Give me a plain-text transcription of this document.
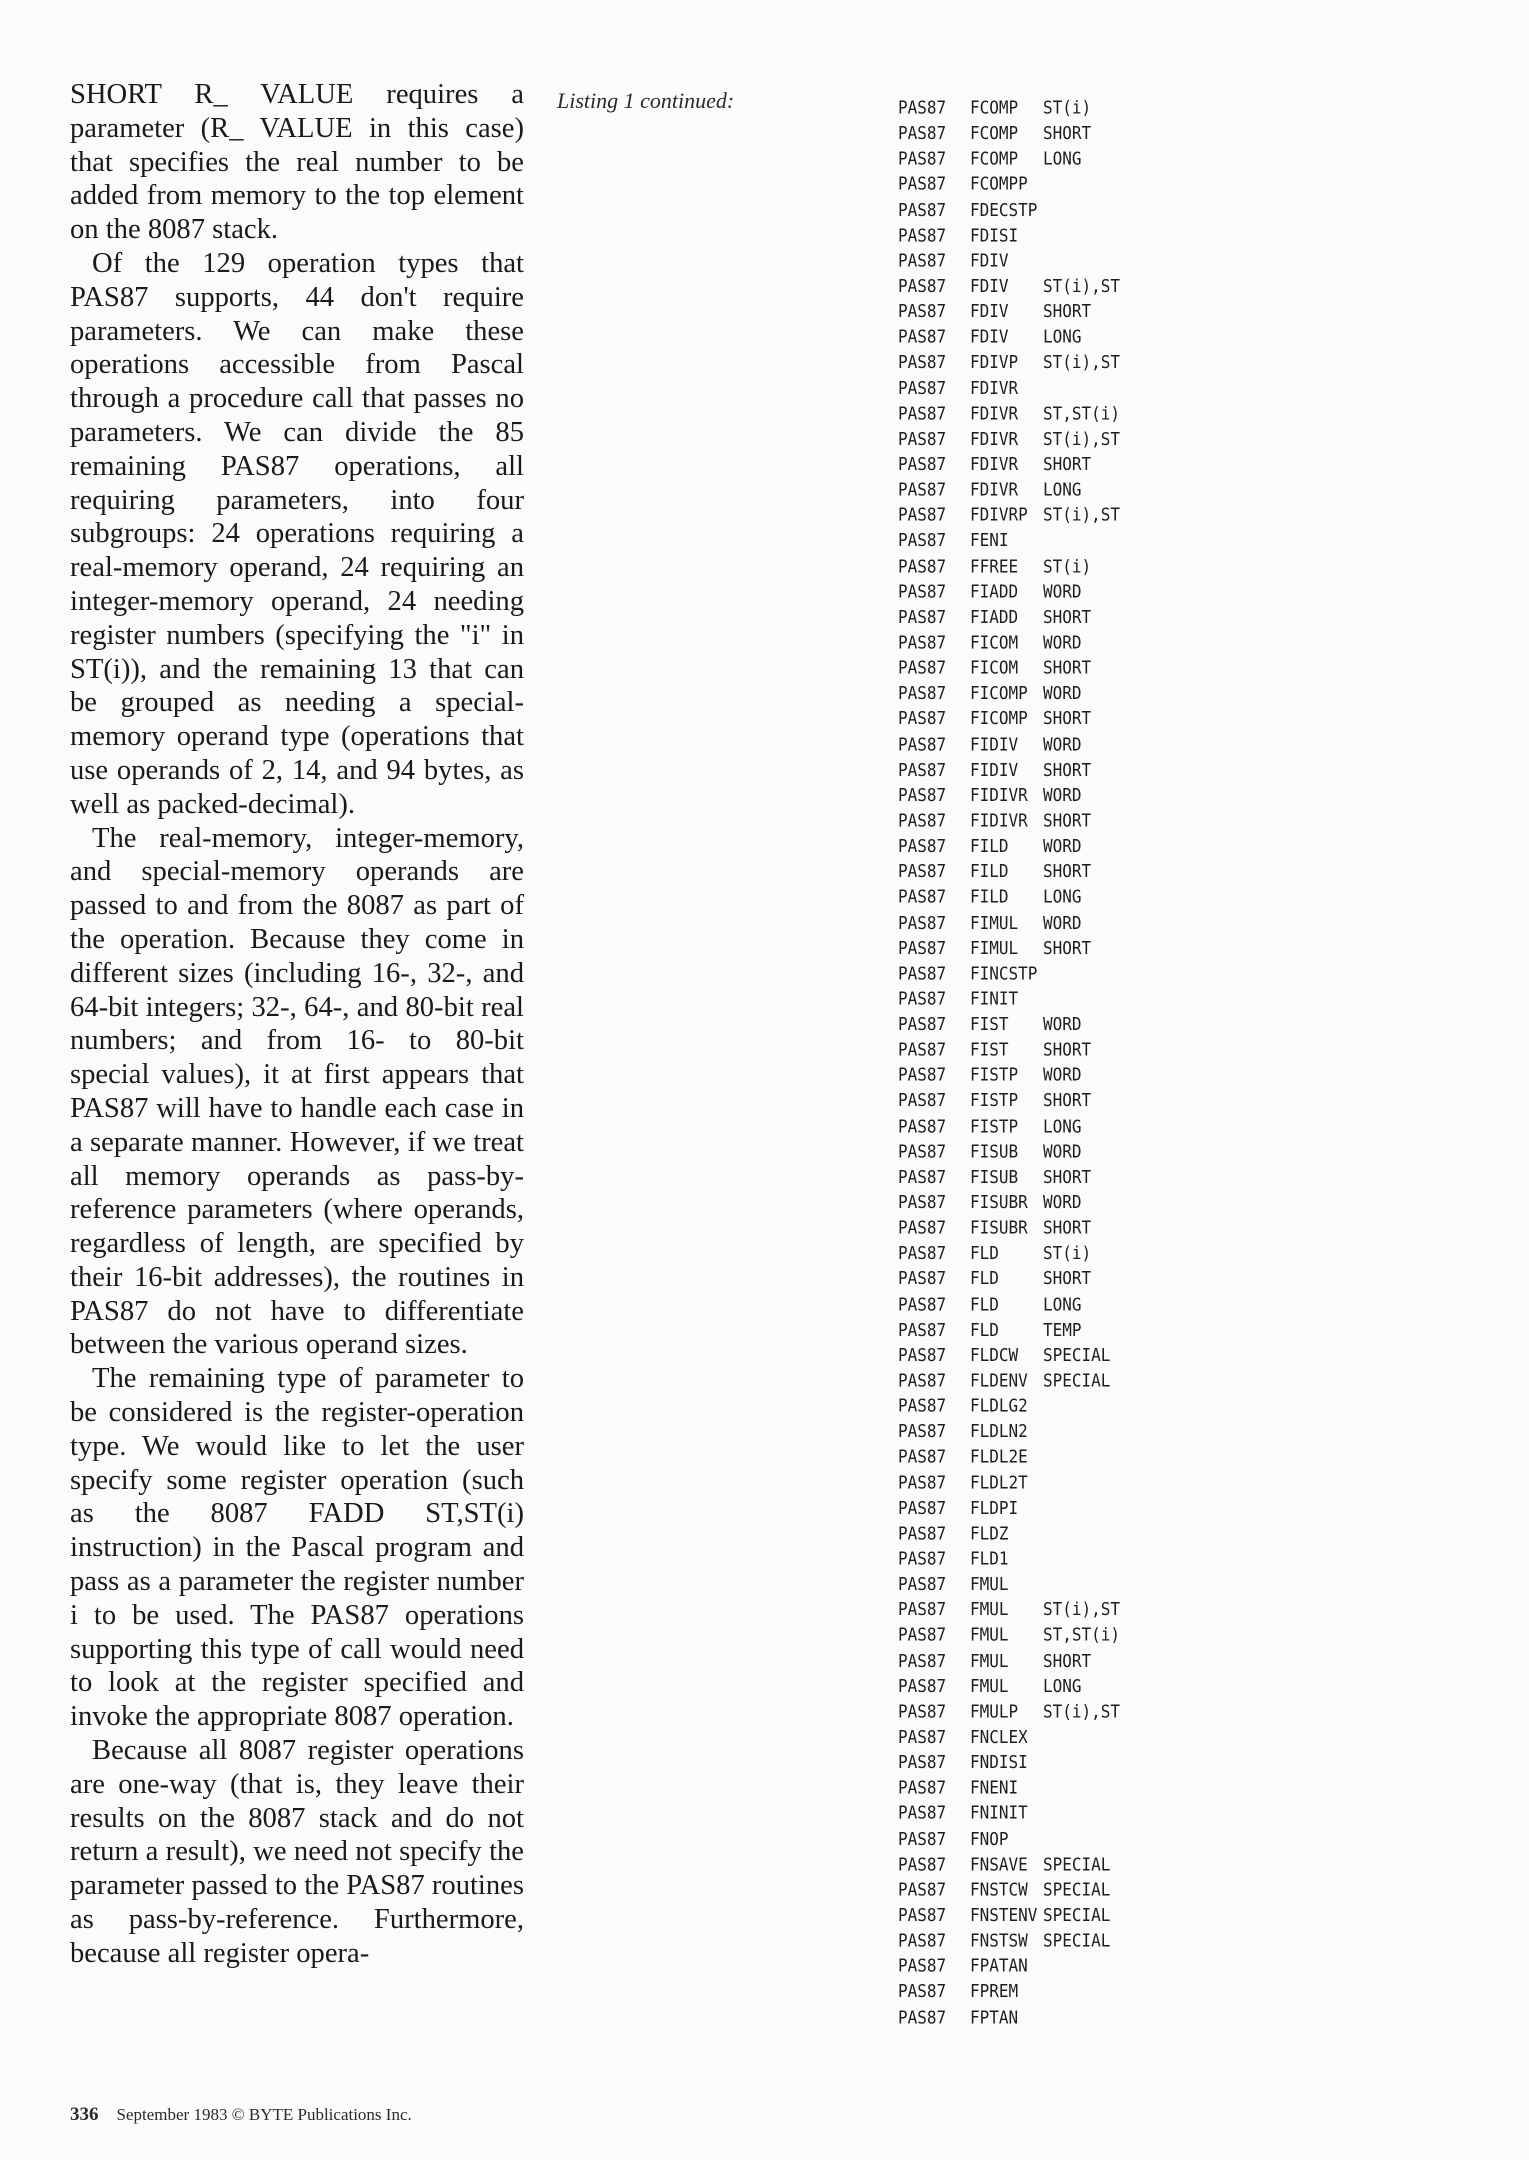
SHORT R_ VALUE requires a parameter (R_ VALUE in this case) that specifies the real number to be added from memory to the top element on the 8087 stack.

Of the 129 operation types that PAS87 supports, 44 don't require parameters. We can make these operations accessible from Pascal through a procedure call that passes no parameters. We can divide the 85 remaining PAS87 operations, all requiring parameters, into four subgroups: 24 operations requiring a real-memory operand, 24 requiring an integer-memory operand, 24 needing register numbers (specifying the "i" in ST(i)), and the remaining 13 that can be grouped as needing a special-memory operand type (operations that use operands of 2, 14, and 94 bytes, as well as packed-decimal).

The real-memory, integer-memory, and special-memory operands are passed to and from the 8087 as part of the operation. Because they come in different sizes (including 16-, 32-, and 64-bit integers; 32-, 64-, and 80-bit real numbers; and from 16- to 80-bit special values), it at first appears that PAS87 will have to handle each case in a separate manner. However, if we treat all memory operands as pass-by-reference parameters (where operands, regardless of length, are specified by their 16-bit addresses), the routines in PAS87 do not have to differentiate between the various operand sizes.

The remaining type of parameter to be considered is the register-operation type. We would like to let the user specify some register operation (such as the 8087 FADD ST,ST(i) instruction) in the Pascal program and pass as a parameter the register number i to be used. The PAS87 operations supporting this type of call would need to look at the register specified and invoke the appropriate 8087 operation.

Because all 8087 register operations are one-way (that is, they leave their results on the 8087 stack and do not return a result), we need not specify the parameter passed to the PAS87 routines as pass-by-reference. Furthermore, because all register opera-

Listing 1 continued:	PAS87 FCOMP ST(i)
PAS87 FCOMP SHORT
PAS87 FCOMP LONG
PAS87 FCOMPP
PAS87 FDECSTP
PAS87 FDISI
PAS87 FDIV
PAS87 FDIV ST(i),ST
PAS87 FDIV SHORT
PAS87 FDIV LONG
PAS87 FDIVP ST(i),ST
PAS87 FDIVR
PAS87 FDIVR ST,ST(i)
PAS87 FDIVR ST(i),ST
PAS87 FDIVR SHORT
PAS87 FDIVR LONG
PAS87 FDIVRP ST(i),ST
PAS87 FENI
PAS87 FFREE ST(i)
PAS87 FIADD WORD
PAS87 FIADD SHORT
PAS87 FICOM WORD
PAS87 FICOM SHORT
PAS87 FICOMP WORD
PAS87 FICOMP SHORT
PAS87 FIDIV WORD
PAS87 FIDIV SHORT
PAS87 FIDIVR WORD
PAS87 FIDIVR SHORT
PAS87 FILD WORD
PAS87 FILD SHORT
PAS87 FILD LONG
PAS87 FIMUL WORD
PAS87 FIMUL SHORT
PAS87 FINCSTP
PAS87 FINIT
PAS87 FIST WORD
PAS87 FIST SHORT
PAS87 FISTP WORD
PAS87 FISTP SHORT
PAS87 FISTP LONG
PAS87 FISUB WORD
PAS87 FISUB SHORT
PAS87 FISUBR WORD
PAS87 FISUBR SHORT
PAS87 FLD	ST(i)
PAS87 FLD	SHORT
PAS87 FLD	LONG
PAS87 FLD	TEMP
PAS87 FLDCW SPECIAL
PAS87 FLDENV SPECIAL
PAS87 FLDLG2
PAS87 FLDLN2
PAS87 FLDL2E
PAS87 FLDL2T
PAS87 FLDPI
PAS87 FLDZ
PAS87 FLD1
PAS87 FMUL
PAS87 FMUL ST(i),ST
PAS87 FMUL ST,ST(i)
PAS87 FMUL SHORT
PAS87 FMUL LONG
PAS87 FMULP ST(i),ST
PAS87 FNCLEX
PAS87 FNDISI
PAS87 FNENI
PAS87 FNINIT
PAS87 FNOP
PAS87 FNSAVE SPECIAL
PAS87 FNSTCW SPECIAL
PAS87 FNSTENV SPECIAL
PAS87 FNSTSW SPECIAL
PAS87 FPATAN
PAS87 FPREM
PAS87 FPTAN
336 September 1983 © BYTE Publications Inc.
